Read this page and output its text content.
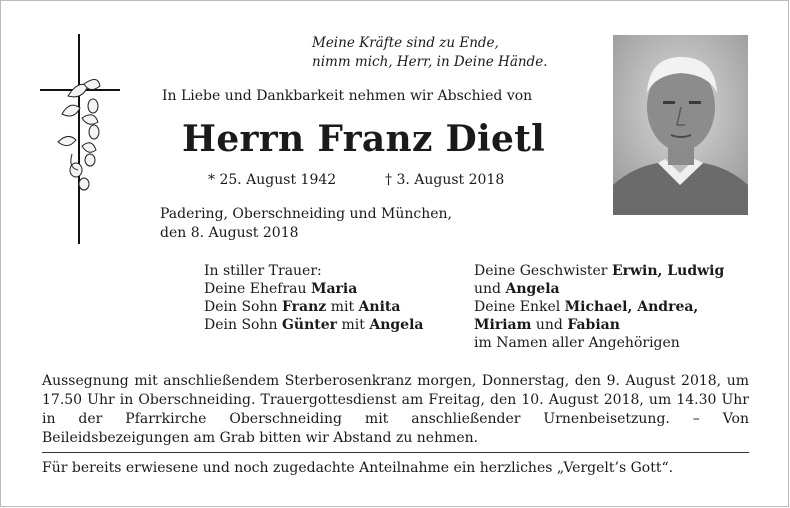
Meine Kräfte sind zu Ende,
nimm mich, Herr, in Deine Hände.
In Liebe und Dankbarkeit nehmen wir Abschied von
Herrn Franz Dietl
* 25. August 1942	† 3. August 2018
Padering, Oberschneiding und München,
den 8. August 2018
In stiller Trauer:
Deine Ehefrau Maria
Dein Sohn Franz mit Anita
Dein Sohn Günter mit Angela
Deine Geschwister Erwin, Ludwig
und Angela
Deine Enkel Michael, Andrea,
Miriam und Fabian
im Namen aller Angehörigen
Aussegnung mit anschließendem Sterberosenkranz morgen, Donnerstag, den 9. August 2018, um 17.50 Uhr in Oberschneiding. Trauergottesdienst am Freitag, den 10. August 2018, um 14.30 Uhr in der Pfarrkirche Oberschneiding mit anschließender Urnenbeisetzung. – Von Beileidsbezeigungen am Grab bitten wir Abstand zu nehmen.
Für bereits erwiesene und noch zugedachte Anteilnahme ein herzliches „Vergelt’s Gott“.
